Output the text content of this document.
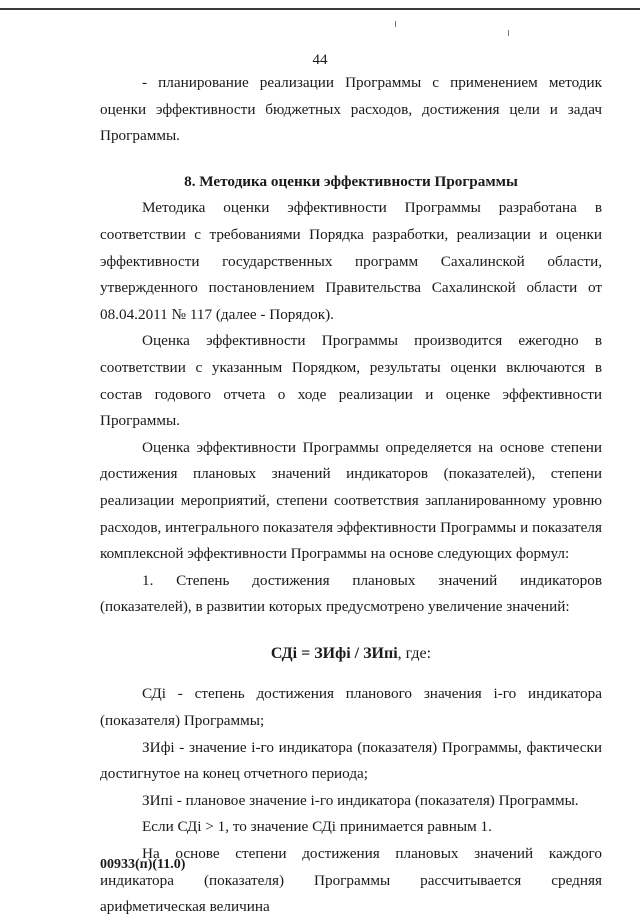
44

- планирование реализации Программы с применением методик оценки эффективности бюджетных расходов, достижения цели и задач Программы.

8. Методика оценки эффективности Программы

Методика оценки эффективности Программы разработана в соответствии с требованиями Порядка разработки, реализации и оценки эффективности государственных программ Сахалинской области, утвержденного постановлением Правительства Сахалинской области от 08.04.2011 № 117 (далее - Порядок).

Оценка эффективности Программы производится ежегодно в соответствии с указанным Порядком, результаты оценки включаются в состав годового отчета о ходе реализации и оценке эффективности Программы.

Оценка эффективности Программы определяется на основе степени достижения плановых значений индикаторов (показателей), степени реализации мероприятий, степени соответствия запланированному уровню расходов, интегрального показателя эффективности Программы и показателя комплексной эффективности Программы на основе следующих формул:

1. Степень достижения плановых значений индикаторов (показателей), в развитии которых предусмотрено увеличение значений:

СДі = ЗИфі / ЗИпі, где:

СДі - степень достижения планового значения і-го индикатора (показателя) Программы;

ЗИфі - значение і-го индикатора (показателя) Программы, фактически достигнутое на конец отчетного периода;

ЗИпі - плановое значение і-го индикатора (показателя) Программы.

Если СДі > 1, то значение СДі принимается равным 1.

На основе степени достижения плановых значений каждого индикатора (показателя) Программы рассчитывается средняя арифметическая величина

00933(п)(11.0)
